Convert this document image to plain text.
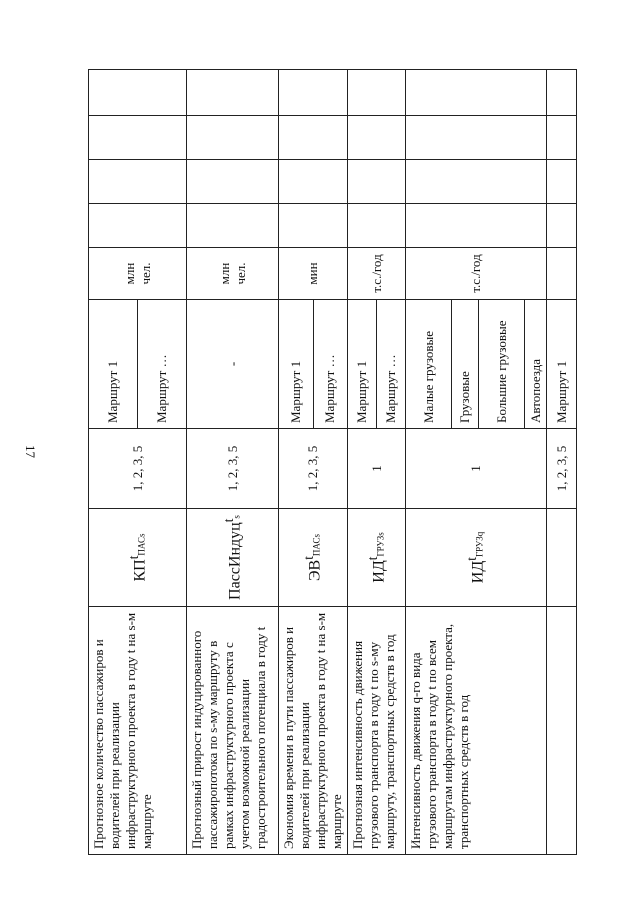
17
Прогнозное количество пассажиров и водителей при реализации инфраструктурного проекта в году t на s-м маршруте	$КП^tПАСs$	1, 2, 3, 5	Маршрут 1	млн чел.				
			Маршрут …					
Прогнозный прирост индуцированного пассажиропотока по s-му маршруту в рамках инфраструктурного проекта с учетом возможной реализации градостроительного потенциала в году t	ПассИндуц$^t$s	1, 2, 3, 5	-	млн чел.				
Экономия времени в пути пассажиров и водителей при реализации инфраструктурного проекта в году t на s-м маршруте	$ЭВ^tПАСs$	1, 2, 3, 5	Маршрут 1	мин				
			Маршрут …					
Прогнозная интенсивность движения грузового транспорта в году t по s-му маршруту, транспортных средств в год	$ИД^tГРУЗs$	1	Маршрут 1	т.с./год				
			Маршрут …					
Интенсивность движения q-го вида грузового транспорта в году t по всем маршрутам инфраструктурного проекта, транспортных средств в год	$ИД^tГРУЗq$	1	Малые грузовые	т.с./год				
			Грузовые					
			Большие грузовые					
			Автопоезда					
		1, 2, 3, 5	Маршрут 1					
